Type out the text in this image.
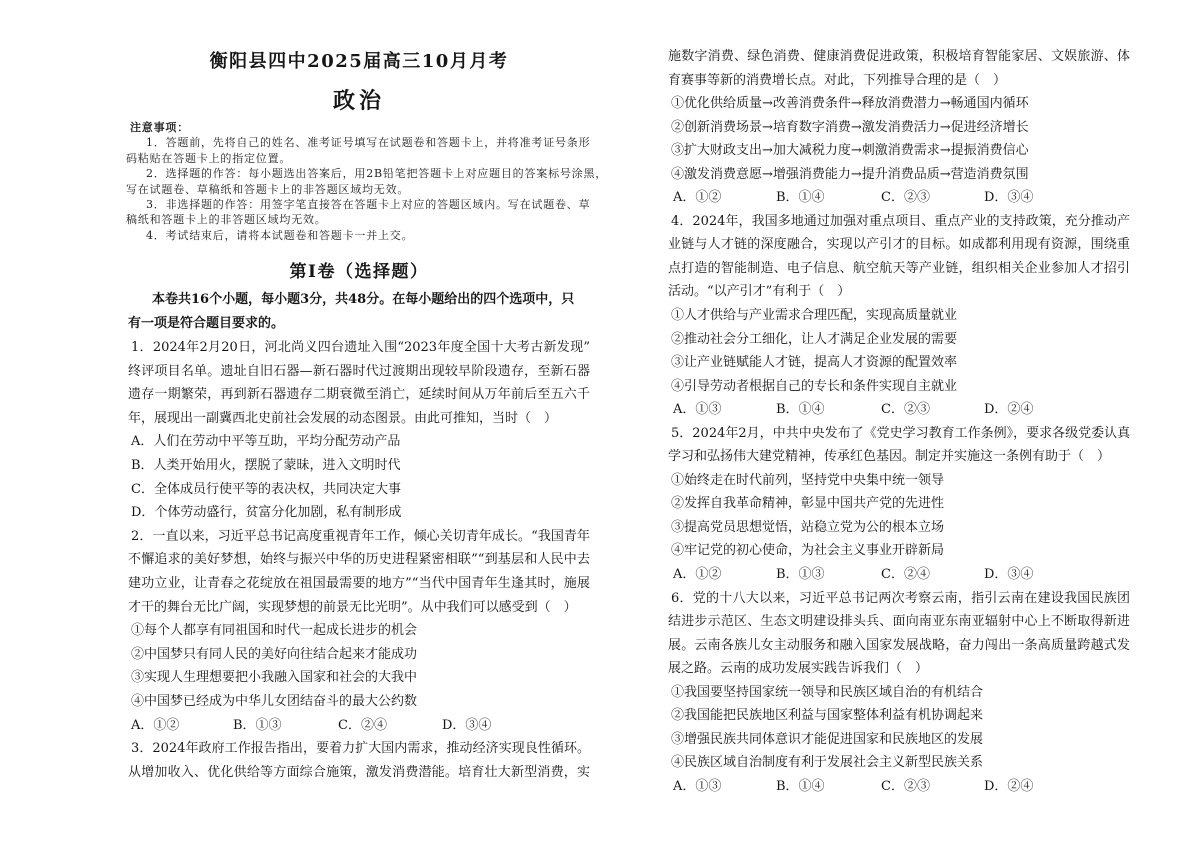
衡阳县四中2025届高三10月月考
政治
注意事项：
1．答题前，先将自己的姓名、准考证号填写在试题卷和答题卡上，并将准考证号条形
码粘贴在答题卡上的指定位置。
2．选择题的作答：每小题选出答案后，用2B铅笔把答题卡上对应题目的答案标号涂黑，
写在试题卷、草稿纸和答题卡上的非答题区域均无效。
3．非选择题的作答：用签字笔直接答在答题卡上对应的答题区域内。写在试题卷、草
稿纸和答题卡上的非答题区域均无效。
4．考试结束后，请将本试题卷和答题卡一并上交。
第Ⅰ卷（选择题）
本卷共16个小题，每小题3分，共48分。在每小题给出的四个选项中，只
有一项是符合题目要求的。
1．2024年2月20日，河北尚义四台遗址入围“2023年度全国十大考古新发现”
终评项目名单。遗址自旧石器—新石器时代过渡期出现较早阶段遗存，至新石器
遗存一期繁荣，再到新石器遗存二期衰微至消亡，延续时间从万年前后至五六千
年，展现出一副冀西北史前社会发展的动态图景。由此可推知，当时（　）
A．人们在劳动中平等互助，平均分配劳动产品
B．人类开始用火，摆脱了蒙昧，进入文明时代
C．全体成员行使平等的表决权，共同决定大事
D．个体劳动盛行，贫富分化加剧，私有制形成
2．一直以来，习近平总书记高度重视青年工作，倾心关切青年成长。“我国青年
不懈追求的美好梦想，始终与振兴中华的历史进程紧密相联”“到基层和人民中去
建功立业，让青春之花绽放在祖国最需要的地方”“当代中国青年生逢其时，施展
才干的舞台无比广阔，实现梦想的前景无比光明”。从中我们可以感受到（　）
①每个人都享有同祖国和时代一起成长进步的机会
②中国梦只有同人民的美好向往结合起来才能成功
③实现人生理想要把小我融入国家和社会的大我中
④中国梦已经成为中华儿女团结奋斗的最大公约数
A．①②	B．①③	C．②④	D．③④
3．2024年政府工作报告指出，要着力扩大国内需求，推动经济实现良性循环。
从增加收入、优化供给等方面综合施策，激发消费潜能。培育壮大新型消费，实
施数字消费、绿色消费、健康消费促进政策，积极培育智能家居、文娱旅游、体
育赛事等新的消费增长点。对此，下列推导合理的是（　）
①优化供给质量→改善消费条件→释放消费潜力→畅通国内循环
②创新消费场景→培育数字消费→激发消费活力→促进经济增长
③扩大财政支出→加大减税力度→刺激消费需求→提振消费信心
④激发消费意愿→增强消费能力→提升消费品质→营造消费氛围
A．①②	B．①④	C．②③	D．③④
4．2024年，我国多地通过加强对重点项目、重点产业的支持政策，充分推动产
业链与人才链的深度融合，实现以产引才的目标。如成都利用现有资源，围绕重
点打造的智能制造、电子信息、航空航天等产业链，组织相关企业参加人才招引
活动。“以产引才”有利于（　）
①人才供给与产业需求合理匹配，实现高质量就业
②推动社会分工细化，让人才满足企业发展的需要
③让产业链赋能人才链，提高人才资源的配置效率
④引导劳动者根据自己的专长和条件实现自主就业
A．①③	B．①④	C．②③	D．②④
5．2024年2月，中共中央发布了《党史学习教育工作条例》，要求各级党委认真
学习和弘扬伟大建党精神，传承红色基因。制定并实施这一条例有助于（　）
①始终走在时代前列，坚持党中央集中统一领导
②发挥自我革命精神，彰显中国共产党的先进性
③提高党员思想觉悟，站稳立党为公的根本立场
④牢记党的初心使命，为社会主义事业开辟新局
A．①②	B．①③	C．②④	D．③④
6．党的十八大以来，习近平总书记两次考察云南，指引云南在建设我国民族团
结进步示范区、生态文明建设排头兵、面向南亚东南亚辐射中心上不断取得新进
展。云南各族儿女主动服务和融入国家发展战略，奋力闯出一条高质量跨越式发
展之路。云南的成功发展实践告诉我们（　）
①我国要坚持国家统一领导和民族区域自治的有机结合
②我国能把民族地区利益与国家整体利益有机协调起来
③增强民族共同体意识才能促进国家和民族地区的发展
④民族区域自治制度有利于发展社会主义新型民族关系
A．①③	B．①④	C．②③	D．②④
